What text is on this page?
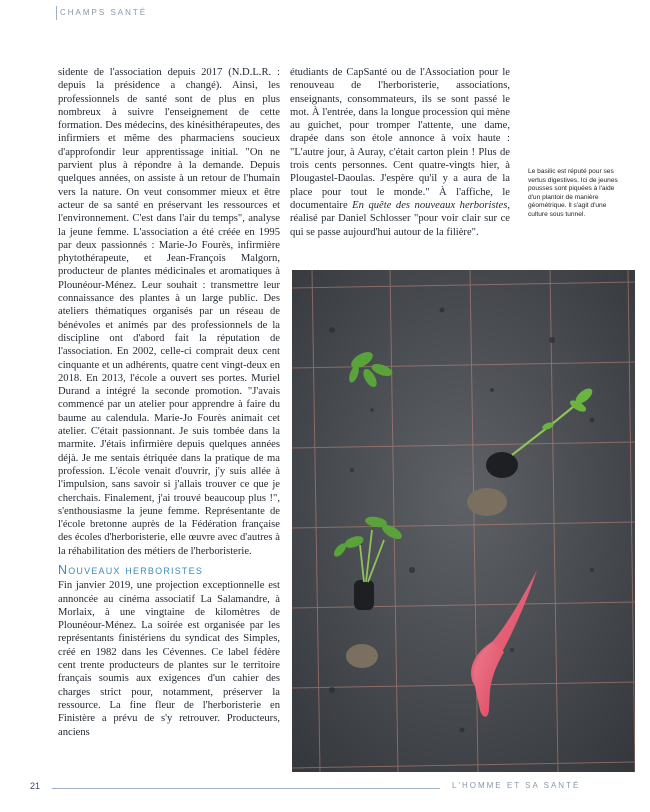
CHAMPS SANTÉ

sidente de l'association depuis 2017 (N.D.L.R. : depuis la présidence a changé). Ainsi, les professionnels de santé sont de plus en plus nombreux à suivre l'enseignement de cette formation. Des médecins, des kinésithérapeutes, des infirmiers et même des pharmaciens soucieux d'approfondir leur apprentissage initial. "On ne parvient plus à répondre à la demande. Depuis quelques années, on assiste à un retour de l'humain vers la nature. On veut consommer mieux et être acteur de sa santé en préservant les ressources et l'environnement. C'est dans l'air du temps", analyse la jeune femme. L'association a été créée en 1995 par deux passionnés : Marie-Jo Fourès, infirmière phytothérapeute, et Jean-François Malgorn, producteur de plantes médicinales et aromatiques à Plounéour-Ménez. Leur souhait : transmettre leur connaissance des plantes à un large public. Des ateliers thématiques organisés par un réseau de bénévoles et animés par des professionnels de la discipline ont d'abord fait la réputation de l'association. En 2002, celle-ci comprait deux cent cinquante et un adhérents, quatre cent vingt-deux en 2018. En 2013, l'école a ouvert ses portes. Muriel Durand a intégré la seconde promotion. "J'avais commencé par un atelier pour apprendre à faire du baume au calendula. Marie-Jo Fourès animait cet atelier. C'était passionnant. Je suis tombée dans la marmite. J'étais infirmière depuis quelques années déjà. Je me sentais étriquée dans la pratique de ma profession. L'école venait d'ouvrir, j'y suis allée à l'impulsion, sans savoir si j'allais trouver ce que je cherchais. Finalement, j'ai trouvé beaucoup plus !", s'enthousiasme la jeune femme. Représentante de l'école bretonne auprès de la Fédération française des écoles d'herboristerie, elle œuvre avec d'autres à la réhabilitation des métiers de l'herboristerie.

Nouveaux herboristes

Fin janvier 2019, une projection exceptionnelle est annoncée au cinéma associatif La Salamandre, à Morlaix, à une vingtaine de kilomètres de Plounéour-Ménez. La soirée est organisée par les représentants finistériens du syndicat des Simples, créé en 1982 dans les Cévennes. Ce label fédère cent trente producteurs de plantes sur le territoire français soumis aux exigences d'un cahier des charges strict pour, notamment, préserver la ressource. La fine fleur de l'herboristerie en Finistère a prévu de s'y retrouver. Producteurs, anciens

étudiants de CapSanté ou de l'Association pour le renouveau de l'herboristerie, associations, enseignants, consommateurs, ils se sont passé le mot. À l'entrée, dans la longue procession qui mène au guichet, pour tromper l'attente, une dame, drapée dans son étole annonce à voix haute : "L'autre jour, à Auray, c'était carton plein ! Plus de trois cents personnes. Cent quatre-vingts hier, à Plougastel-Daoulas. J'espère qu'il y a aura de la place pour tout le monde." À l'affiche, le documentaire En quête des nouveaux herboristes, réalisé par Daniel Schlosser "pour voir clair sur ce qui se passe aujourd'hui autour de la filière".

Le basilic est réputé pour ses vertus digestives. Ici de jeunes pousses sont piquées à l'aide d'un plantoir de manière géométrique. Il s'agit d'une culture sous tunnel.
21	L'HOMME ET SA SANTÉ
